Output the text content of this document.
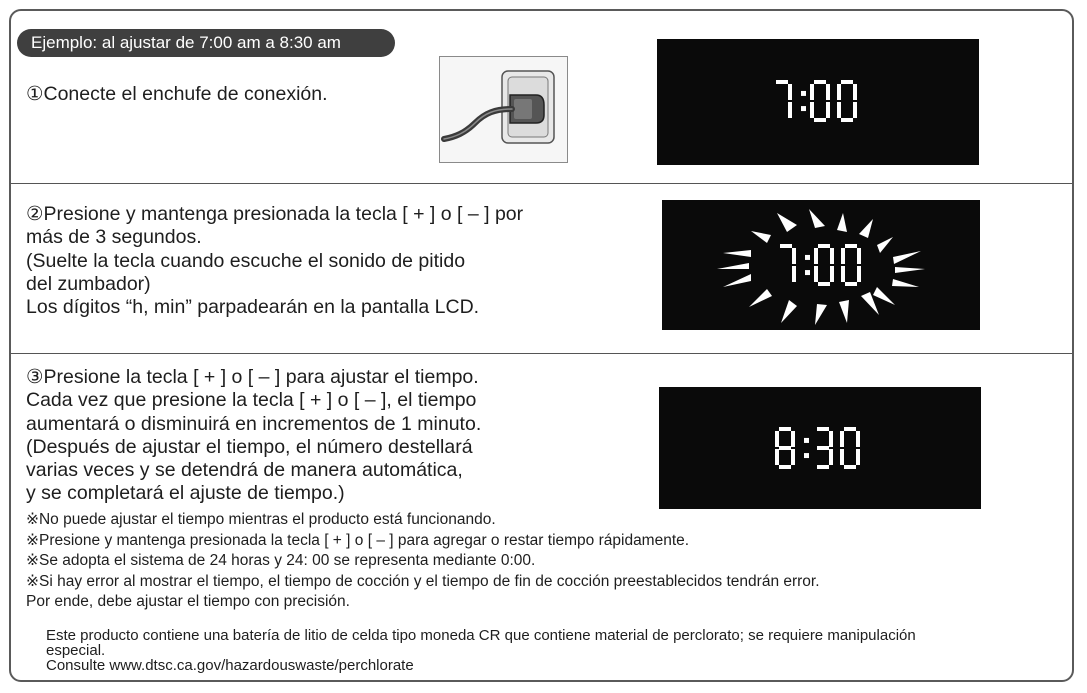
Ejemplo: al ajustar de 7:00 am a 8:30 am
①Conecte el enchufe de conexión.
②Presione y mantenga presionada la tecla [ + ] o [ – ] por
más de 3 segundos.
(Suelte la tecla cuando escuche el sonido de pitido
del zumbador)
Los dígitos “h, min” parpadearán en la pantalla LCD.
③Presione la tecla [ + ] o [ – ] para ajustar el tiempo.
Cada vez que presione la tecla [ + ] o [ – ], el tiempo
aumentará o disminuirá en incrementos de 1 minuto.
(Después de ajustar el tiempo, el número destellará
varias veces y se detendrá de manera automática,
y se completará el ajuste de tiempo.)
※No puede ajustar el tiempo mientras el producto está funcionando.
※Presione y mantenga presionada la tecla [ + ] o [ – ] para agregar o restar tiempo rápidamente.
※Se adopta el sistema de 24 horas y 24: 00 se representa mediante 0:00.
※Si hay error al mostrar el tiempo, el tiempo de cocción y el tiempo de fin de cocción preestablecidos tendrán error.
Por ende, debe ajustar el tiempo con precisión.
Este producto contiene una batería de litio de celda tipo moneda CR que contiene material de perclorato; se requiere manipulación
especial.
Consulte www.dtsc.ca.gov/hazardouswaste/perchlorate
